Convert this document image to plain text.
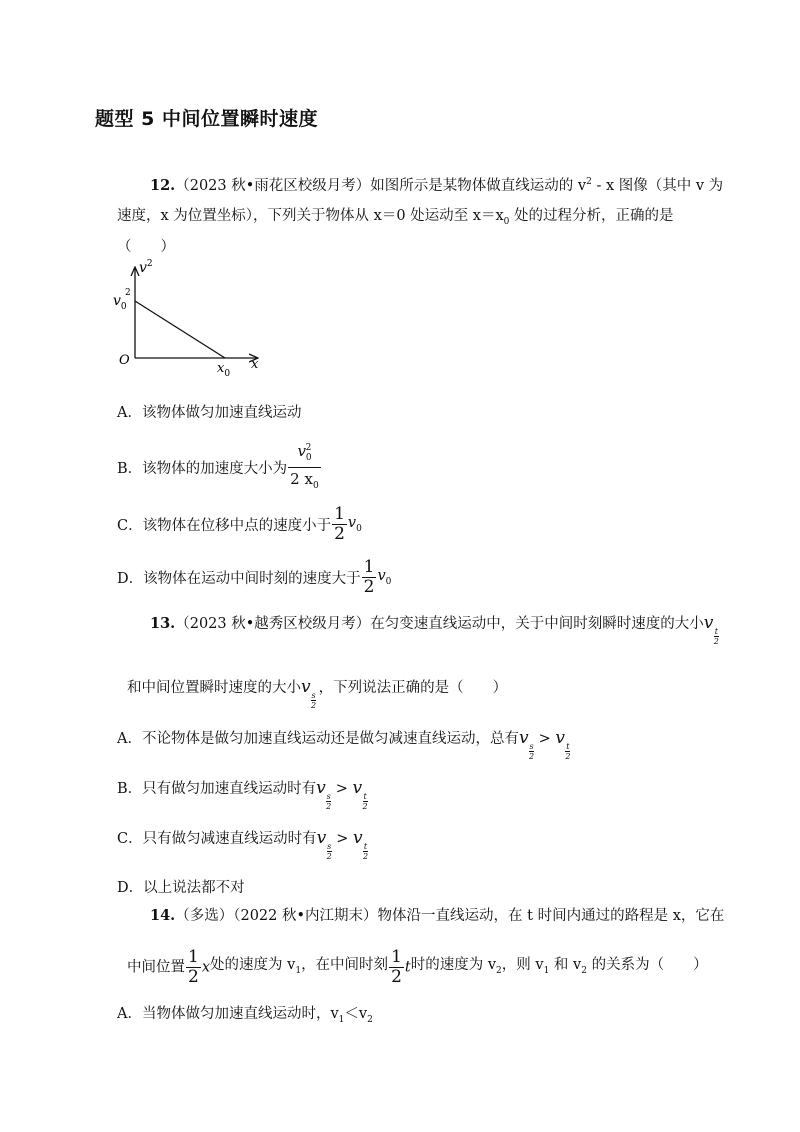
题型 5 中间位置瞬时速度
12.（2023 秋•雨花区校级月考）如图所示是某物体做直线运动的 $v^2$ - x 图像（其中 v 为
速度，x 为位置坐标），下列关于物体从 x＝0 处运动至 $x=x_0$ 处的过程分析，正确的是
（　　）
$v^2$
$v_0$
2
O
$x_0$
x
A．该物体做匀加速直线运动
B．该物体的加速度大小为 $\frac{v_0^2}{2 x_0}$
C．该物体在位移中点的速度小于 $\frac{1}{2} v_0$
D．该物体在运动中间时刻的速度大于 $\frac{1}{2} v_0$
13.（2023 秋•越秀区校级月考）在匀变速直线运动中，关于中间时刻瞬时速度的大小v t
2
和中间位置瞬时速度的大小v s
2
，下列说法正确的是（　　）
A．不论物体是做匀加速直线运动还是做匀减速直线运动，总有v s
2
> v t
2
B．只有做匀加速直线运动时有v s
2
> v t
2
C．只有做匀减速直线运动时有v s
2
> v t
2
D．以上说法都不对
14.（多选）（2022 秋•内江期末）物体沿一直线运动，在 t 时间内通过的路程是 x，它在
中间位置 $\frac{1}{2}$ x处的速度为 $v_1$，在中间时刻 $\frac{1}{2}$ t时的速度为 $v_2$，则 $v_1$ 和 $v_2$ 的关系为（　　）
A．当物体做匀加速直线运动时，$v_1<v_2$
